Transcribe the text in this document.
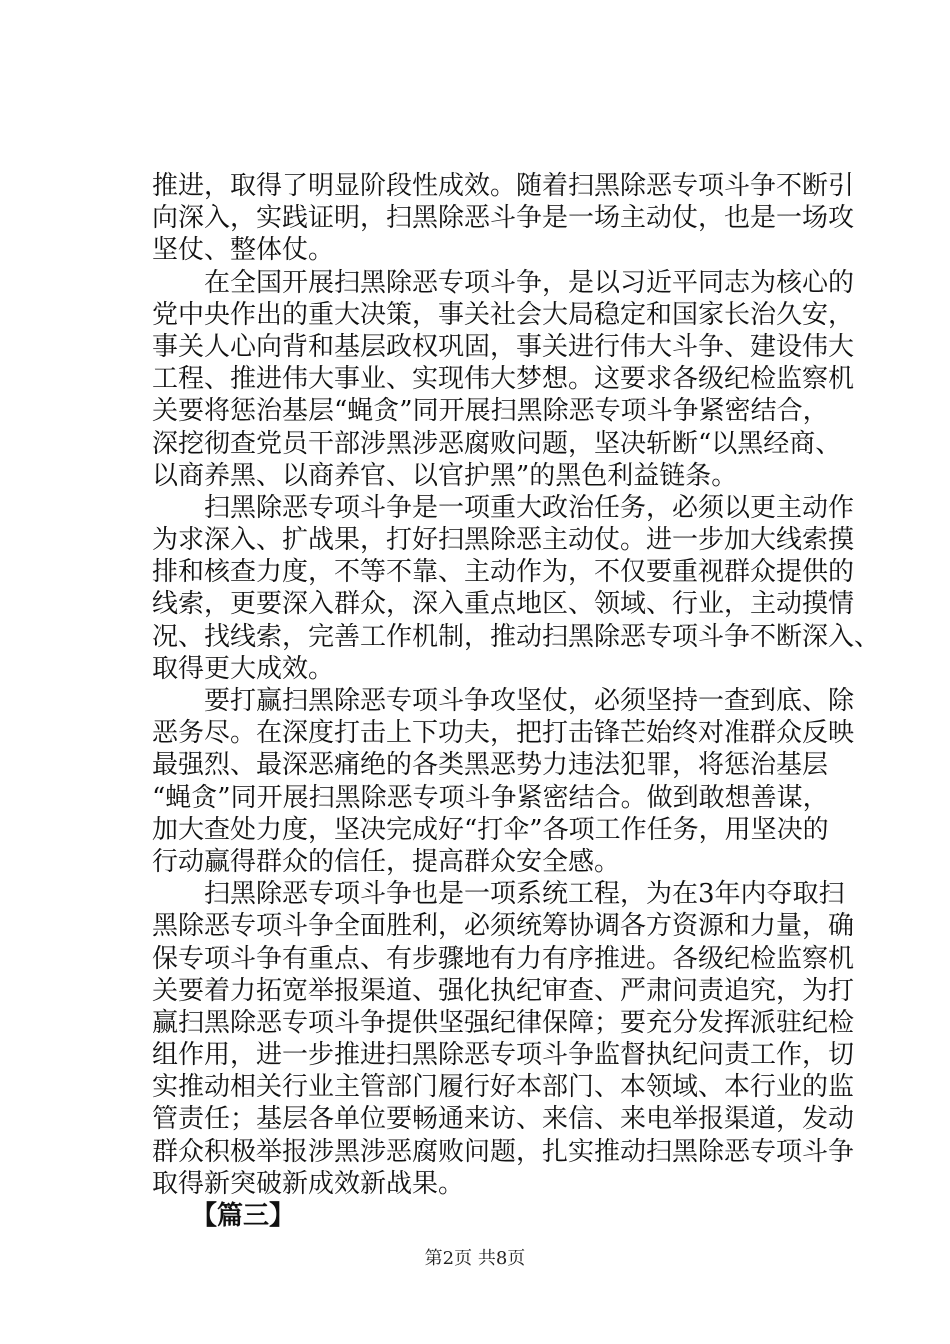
推进，取得了明显阶段性成效。随着扫黑除恶专项斗争不断引
向深入，实践证明，扫黑除恶斗争是一场主动仗，也是一场攻
坚仗、整体仗。
　　在全国开展扫黑除恶专项斗争，是以习近平同志为核心的
党中央作出的重大决策，事关社会大局稳定和国家长治久安，
事关人心向背和基层政权巩固，事关进行伟大斗争、建设伟大
工程、推进伟大事业、实现伟大梦想。这要求各级纪检监察机
关要将惩治基层“蝇贪”同开展扫黑除恶专项斗争紧密结合，
深挖彻查党员干部涉黑涉恶腐败问题，坚决斩断“以黑经商、
以商养黑、以商养官、以官护黑”的黑色利益链条。
　　扫黑除恶专项斗争是一项重大政治任务，必须以更主动作
为求深入、扩战果，打好扫黑除恶主动仗。进一步加大线索摸
排和核查力度，不等不靠、主动作为，不仅要重视群众提供的
线索，更要深入群众，深入重点地区、领域、行业，主动摸情
况、找线索，完善工作机制，推动扫黑除恶专项斗争不断深入、
取得更大成效。
　　要打赢扫黑除恶专项斗争攻坚仗，必须坚持一查到底、除
恶务尽。在深度打击上下功夫，把打击锋芒始终对准群众反映
最强烈、最深恶痛绝的各类黑恶势力违法犯罪，将惩治基层
“蝇贪”同开展扫黑除恶专项斗争紧密结合。做到敢想善谋，
加大查处力度，坚决完成好“打伞”各项工作任务，用坚决的
行动赢得群众的信任，提高群众安全感。
　　扫黑除恶专项斗争也是一项系统工程，为在3年内夺取扫
黑除恶专项斗争全面胜利，必须统筹协调各方资源和力量，确
保专项斗争有重点、有步骤地有力有序推进。各级纪检监察机
关要着力拓宽举报渠道、强化执纪审查、严肃问责追究，为打
赢扫黑除恶专项斗争提供坚强纪律保障；要充分发挥派驻纪检
组作用，进一步推进扫黑除恶专项斗争监督执纪问责工作，切
实推动相关行业主管部门履行好本部门、本领域、本行业的监
管责任；基层各单位要畅通来访、来信、来电举报渠道，发动
群众积极举报涉黑涉恶腐败问题，扎实推动扫黑除恶专项斗争
取得新突破新成效新战果。
　　【篇三】
第2页 共8页
